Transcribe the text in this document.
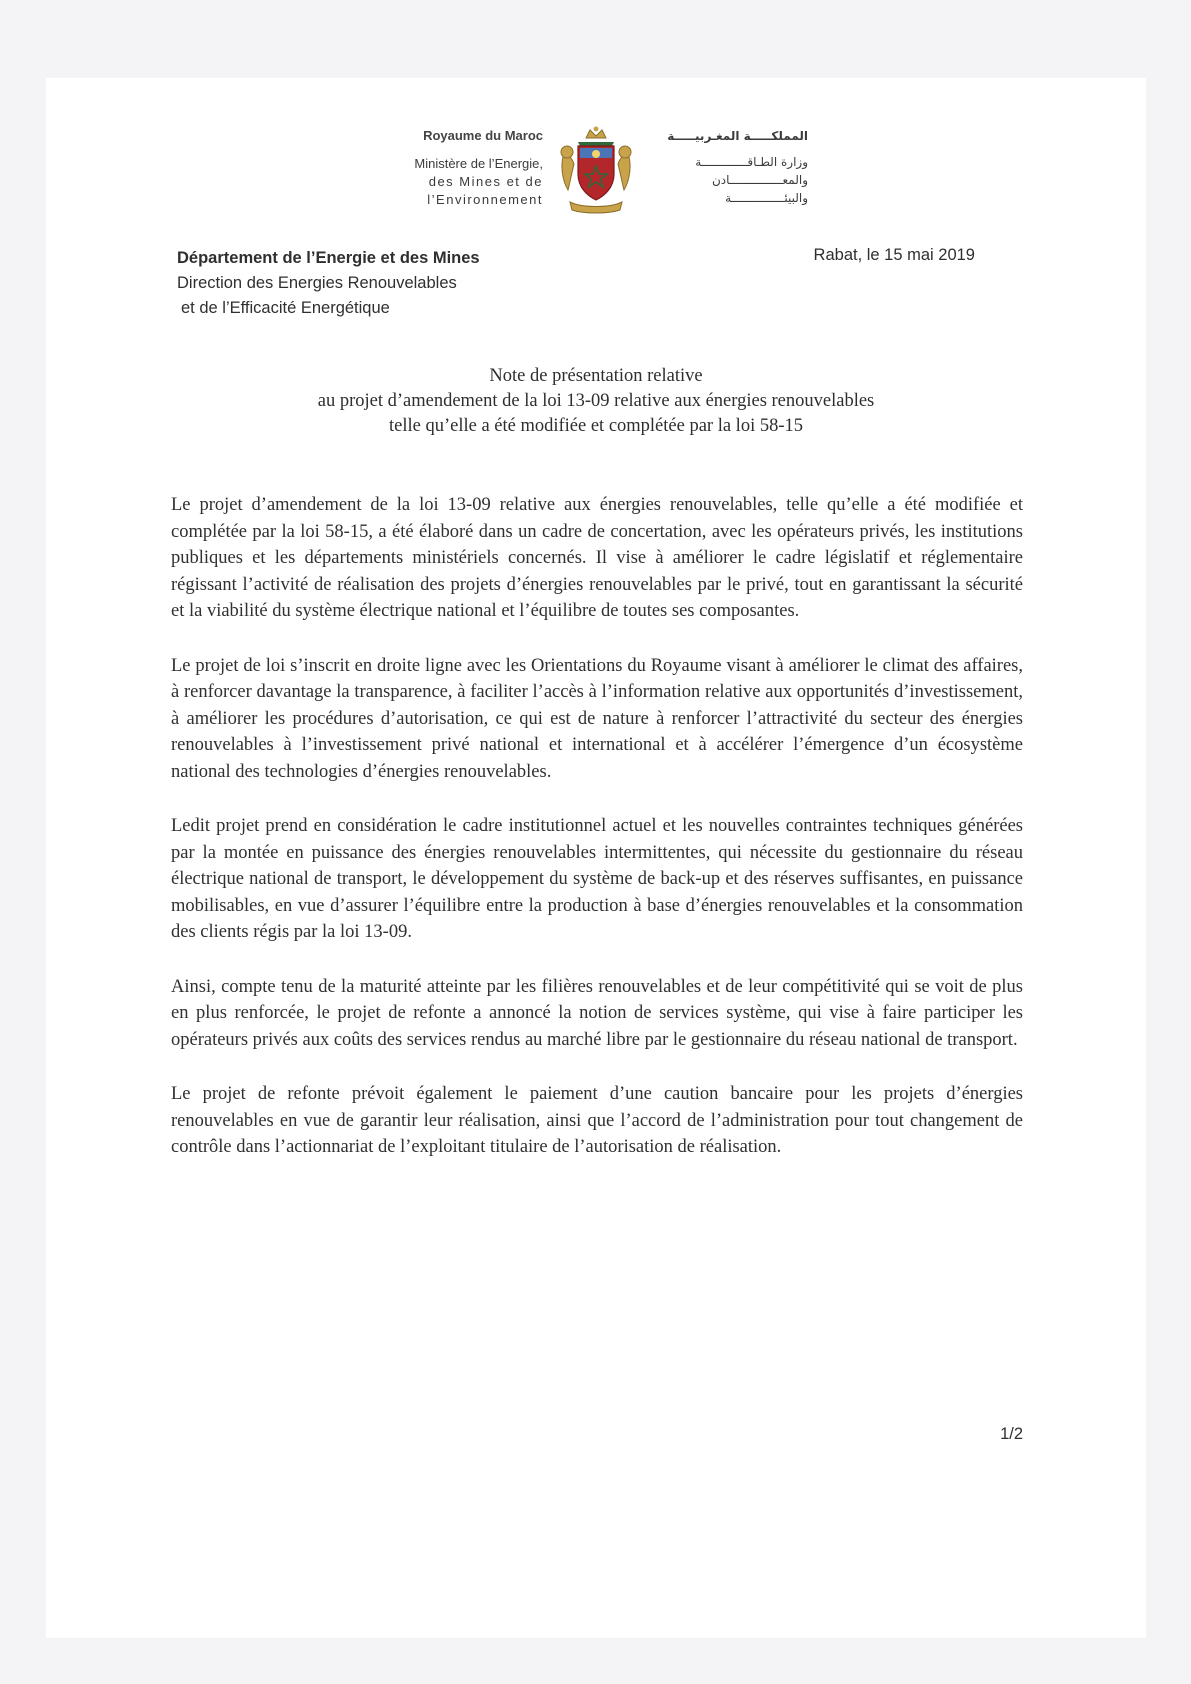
Royaume du Maroc
Ministère de l’Energie,
des Mines et de
l’Environnement
المملكـــــة المغـربيـــــة
وزارة الطـاقـــــــــــــة
والمعـــــــــــــــادن
والبيئـــــــــــــــة
Département de l’Energie et des Mines
Direction des Energies Renouvelables
et de l’Efficacité Energétique
Rabat, le 15 mai 2019
Note de présentation relative
au projet d’amendement de la loi 13-09 relative aux énergies renouvelables
telle qu’elle a été modifiée et complétée par la loi 58-15

Le projet d’amendement de la loi 13-09 relative aux énergies renouvelables, telle qu’elle a été modifiée et complétée par la loi 58-15, a été élaboré dans un cadre de concertation, avec les opérateurs privés, les institutions publiques et les départements ministériels concernés. Il vise à améliorer le cadre législatif et réglementaire régissant l’activité de réalisation des projets d’énergies renouvelables par le privé, tout en garantissant la sécurité et la viabilité du système électrique national et l’équilibre de toutes ses composantes.

Le projet de loi s’inscrit en droite ligne avec les Orientations du Royaume visant à améliorer le climat des affaires, à renforcer davantage la transparence, à faciliter l’accès à l’information relative aux opportunités d’investissement, à améliorer les procédures d’autorisation, ce qui est de nature à renforcer l’attractivité du secteur des énergies renouvelables à l’investissement privé national et international et à accélérer l’émergence d’un écosystème national des technologies d’énergies renouvelables.

Ledit projet prend en considération le cadre institutionnel actuel et les nouvelles contraintes techniques générées par la montée en puissance des énergies renouvelables intermittentes, qui nécessite du gestionnaire du réseau électrique national de transport, le développement du système de back-up et des réserves suffisantes, en puissance mobilisables, en vue d’assurer l’équilibre entre la production à base d’énergies renouvelables et la consommation des clients régis par la loi 13-09.

Ainsi, compte tenu de la maturité atteinte par les filières renouvelables et de leur compétitivité qui se voit de plus en plus renforcée, le projet de refonte a annoncé la notion de services système, qui vise à faire participer les opérateurs privés aux coûts des services rendus au marché libre par le gestionnaire du réseau national de transport.

Le projet de refonte prévoit également le paiement d’une caution bancaire pour les projets d’énergies renouvelables en vue de garantir leur réalisation, ainsi que l’accord de l’administration pour tout changement de contrôle dans l’actionnariat de l’exploitant titulaire de l’autorisation de réalisation.

1/2
